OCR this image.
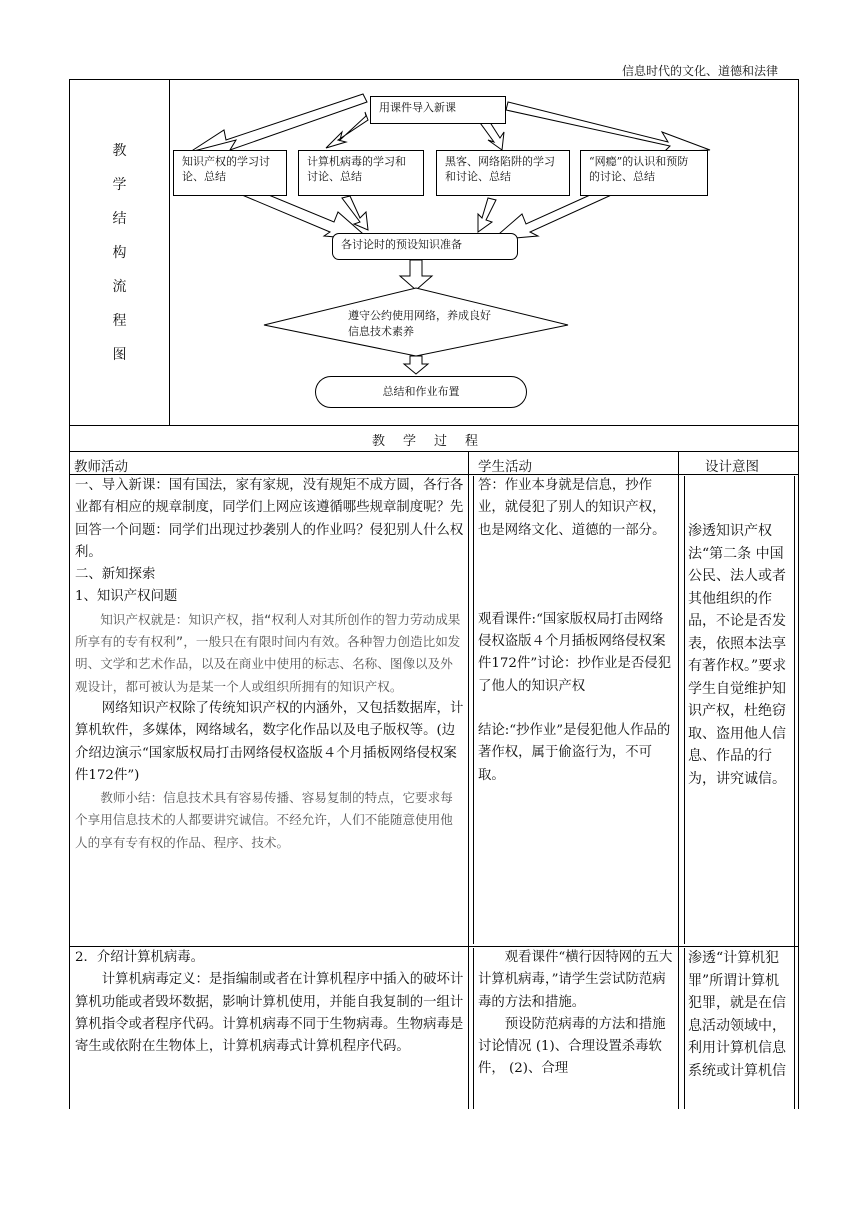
信息时代的文化、道德和法律
教
学
结
构
流
程
图
用课件导入新课
知识产权的学习讨论、总结
计算机病毒的学习和讨论、总结
黑客、网络陷阱的学习和讨论、总结
“网瘾”的认识和预防的讨论、总结
各讨论时的预设知识准备
遵守公约使用网络，养成良好信息技术素养
总结和作业布置
教学过程
教师活动	学生活动	设计意图

一、导入新课：国有国法，家有家规，没有规矩不成方圆，各行各业都有相应的规章制度，同学们上网应该遵循哪些规章制度呢？先回答一个问题：同学们出现过抄袭别人的作业吗？侵犯别人什么权利。

二、新知探索

1、知识产权问题

知识产权就是：知识产权，指“权利人对其所创作的智力劳动成果所享有的专有权利”，一般只在有限时间内有效。各种智力创造比如发明、文学和艺术作品，以及在商业中使用的标志、名称、图像以及外观设计，都可被认为是某一个人或组织所拥有的知识产权。

网络知识产权除了传统知识产权的内涵外，又包括数据库，计算机软件，多媒体，网络域名，数字化作品以及电子版权等。(边介绍边演示“国家版权局打击网络侵权盗版４个月插板网络侵权案件172件”)

教师小结：信息技术具有容易传播、容易复制的特点，它要求每个享用信息技术的人都要讲究诚信。不经允许，人们不能随意使用他人的享有专有权的作品、程序、技术。

答：作业本身就是信息，抄作业，就侵犯了别人的知识产权，也是网络文化、道德的一部分。

观看课件:“国家版权局打击网络侵权盗版４个月插板网络侵权案件172件”讨论：抄作业是否侵犯了他人的知识产权

结论:“抄作业”是侵犯他人作品的著作权，属于偷盗行为，不可取。

渗透知识产权法“第二条 中国公民、法人或者其他组织的作品，不论是否发表，依照本法享有著作权。”要求学生自觉维护知识产权，杜绝窃取、盗用他人信息、作品的行为，讲究诚信。

2．介绍计算机病毒。

计算机病毒定义：是指编制或者在计算机程序中插入的破坏计算机功能或者毁坏数据，影响计算机使用，并能自我复制的一组计算机指令或者程序代码。计算机病毒不同于生物病毒。生物病毒是寄生或依附在生物体上，计算机病毒式计算机程序代码。

观看课件“横行因特网的五大计算机病毒，”请学生尝试防范病毒的方法和措施。

预设防范病毒的方法和措施讨论情况 (1)、合理设置杀毒软件， (2)、合理

渗透“计算机犯罪”所谓计算机犯罪，就是在信息活动领域中，利用计算机信息系统或计算机信
